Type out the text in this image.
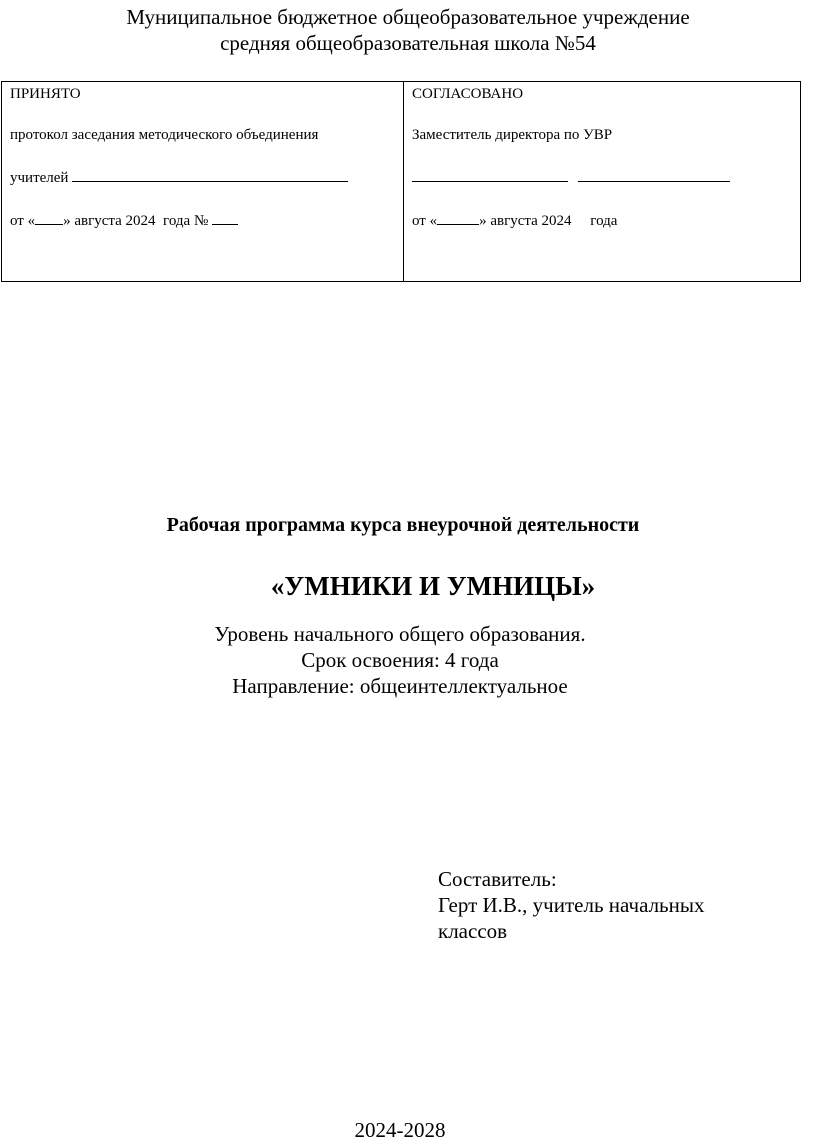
Муниципальное бюджетное общеобразовательное учреждение
средняя общеобразовательная школа №54

ПРИНЯТО

протокол заседания методического объединения

учителей

от « » августа 2024  года №

СОГЛАСОВАНО

Заместитель директора по УВР

от «	» августа 2024     года

Рабочая программа курса внеурочной деятельности
«УМНИКИ И УМНИЦЫ»
Уровень начального общего образования.
Срок освоения: 4 года
Направление: общеинтеллектуальное
Составитель:
Герт И.В., учитель начальных
классов
2024-2028
